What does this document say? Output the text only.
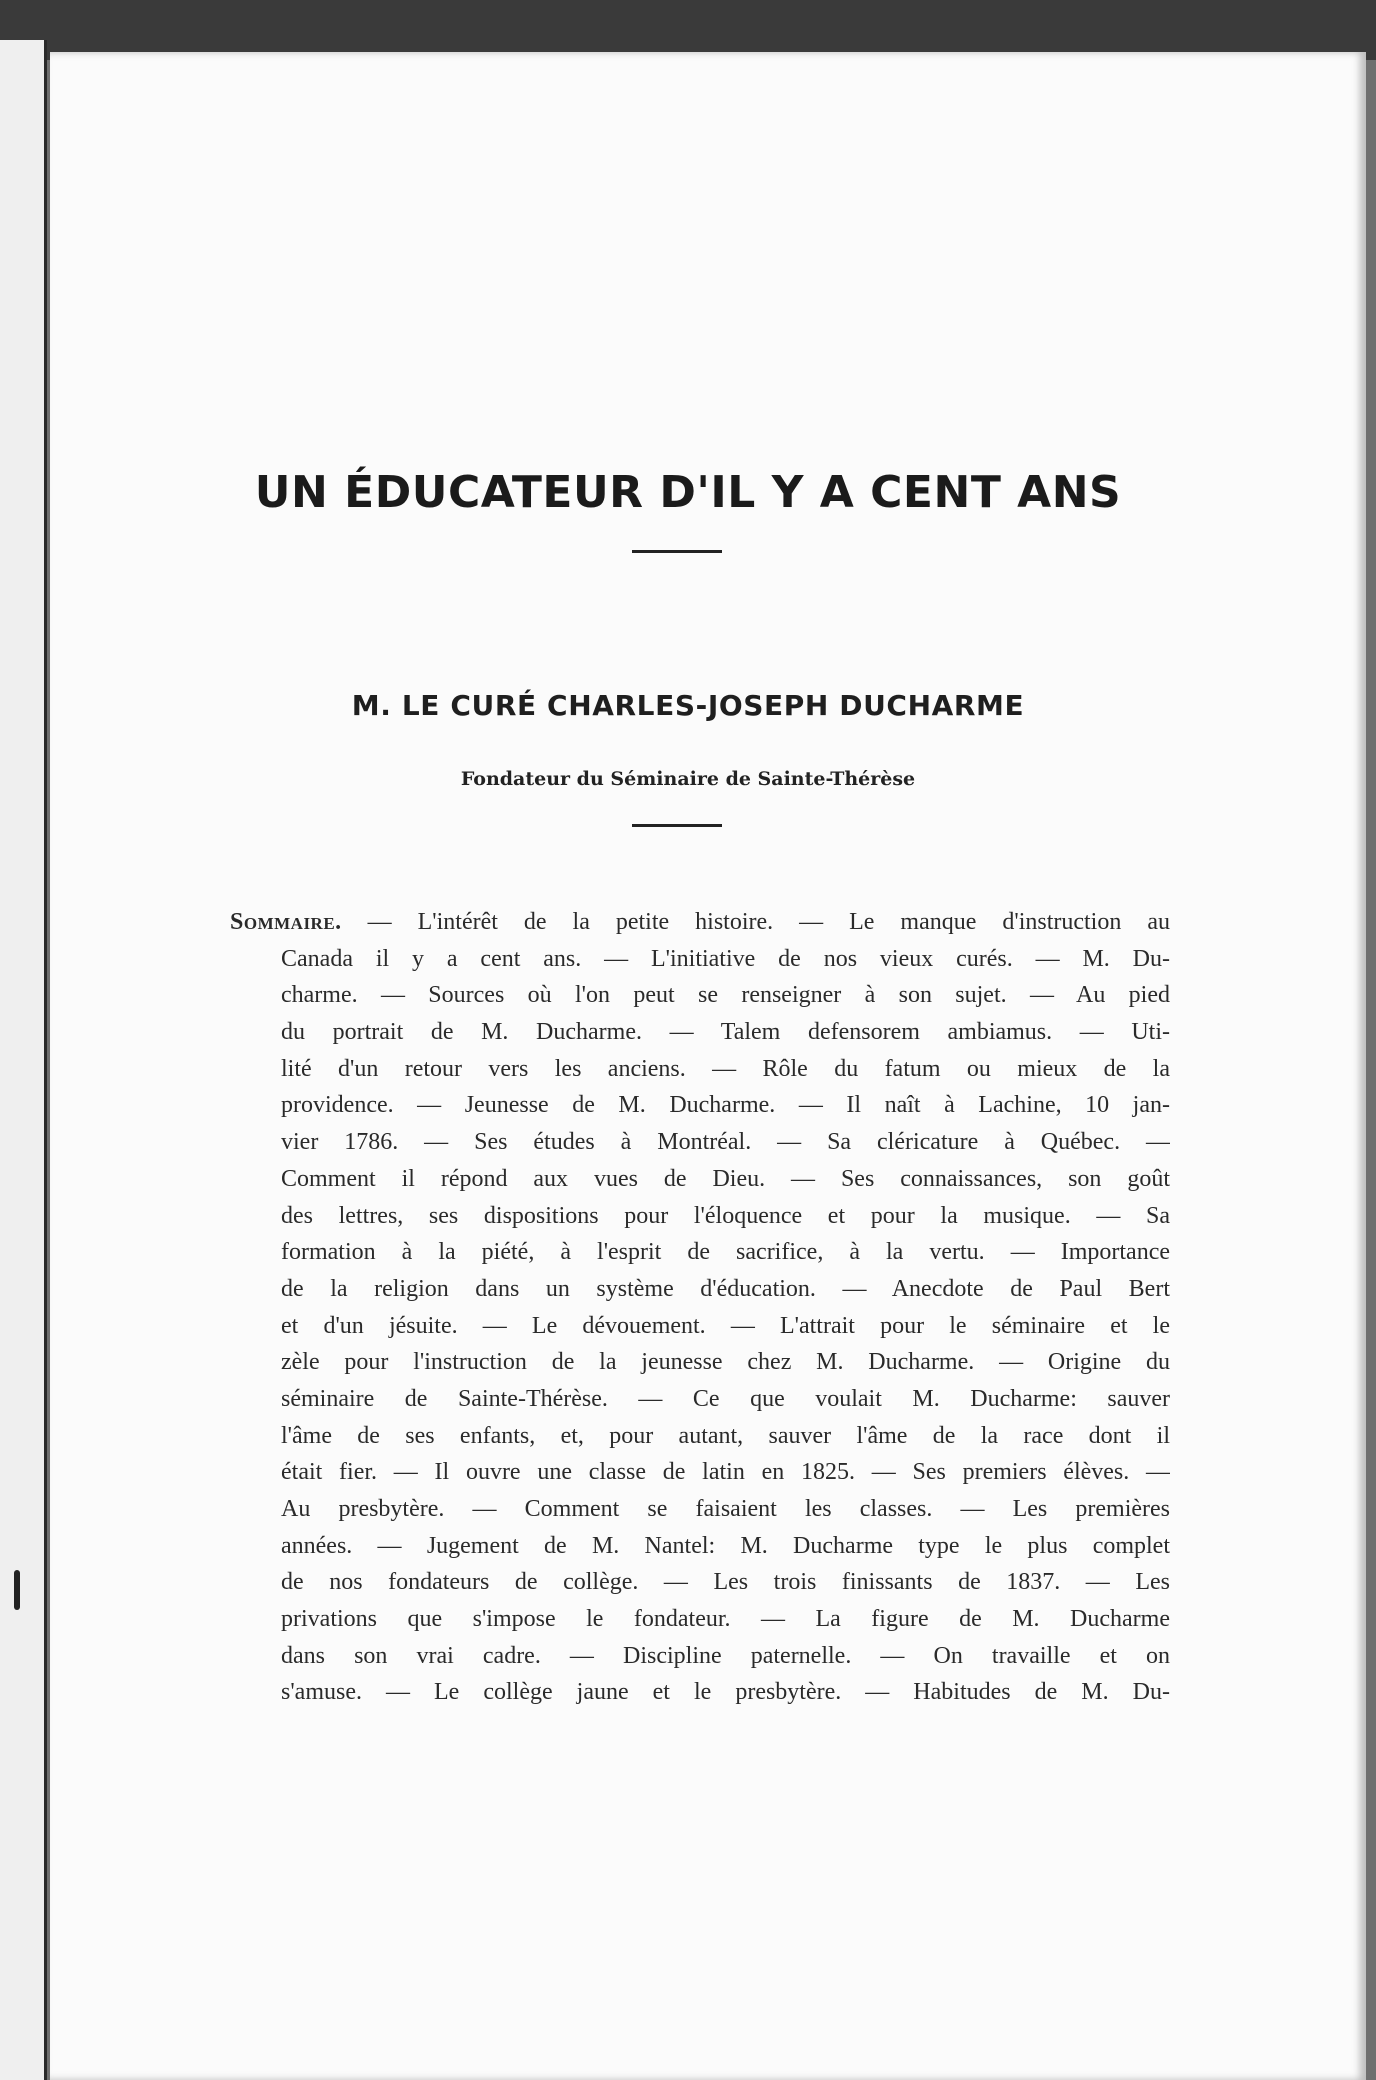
UN ÉDUCATEUR D'IL Y A CENT ANS
M. LE CURÉ CHARLES-JOSEPH DUCHARME
Fondateur du Séminaire de Sainte-Thérèse
Sommaire. — L'intérêt de la petite histoire. — Le manque d'instruction au
Canada il y a cent ans. — L'initiative de nos vieux curés. — M. Du-
charme. — Sources où l'on peut se renseigner à son sujet. — Au pied
du portrait de M. Ducharme. — Talem defensorem ambiamus. — Uti-
lité d'un retour vers les anciens. — Rôle du fatum ou mieux de la
providence. — Jeunesse de M. Ducharme. — Il naît à Lachine, 10 jan-
vier 1786. — Ses études à Montréal. — Sa cléricature à Québec. —
Comment il répond aux vues de Dieu. — Ses connaissances, son goût
des lettres, ses dispositions pour l'éloquence et pour la musique. — Sa
formation à la piété, à l'esprit de sacrifice, à la vertu. — Importance
de la religion dans un système d'éducation. — Anecdote de Paul Bert
et d'un jésuite. — Le dévouement. — L'attrait pour le séminaire et le
zèle pour l'instruction de la jeunesse chez M. Ducharme. — Origine du
séminaire de Sainte-Thérèse. — Ce que voulait M. Ducharme: sauver
l'âme de ses enfants, et, pour autant, sauver l'âme de la race dont il
était fier. — Il ouvre une classe de latin en 1825. — Ses premiers élèves. —
Au presbytère. — Comment se faisaient les classes. — Les premières
années. — Jugement de M. Nantel: M. Ducharme type le plus complet
de nos fondateurs de collège. — Les trois finissants de 1837. — Les
privations que s'impose le fondateur. — La figure de M. Ducharme
dans son vrai cadre. — Discipline paternelle. — On travaille et on
s'amuse. — Le collège jaune et le presbytère. — Habitudes de M. Du-
